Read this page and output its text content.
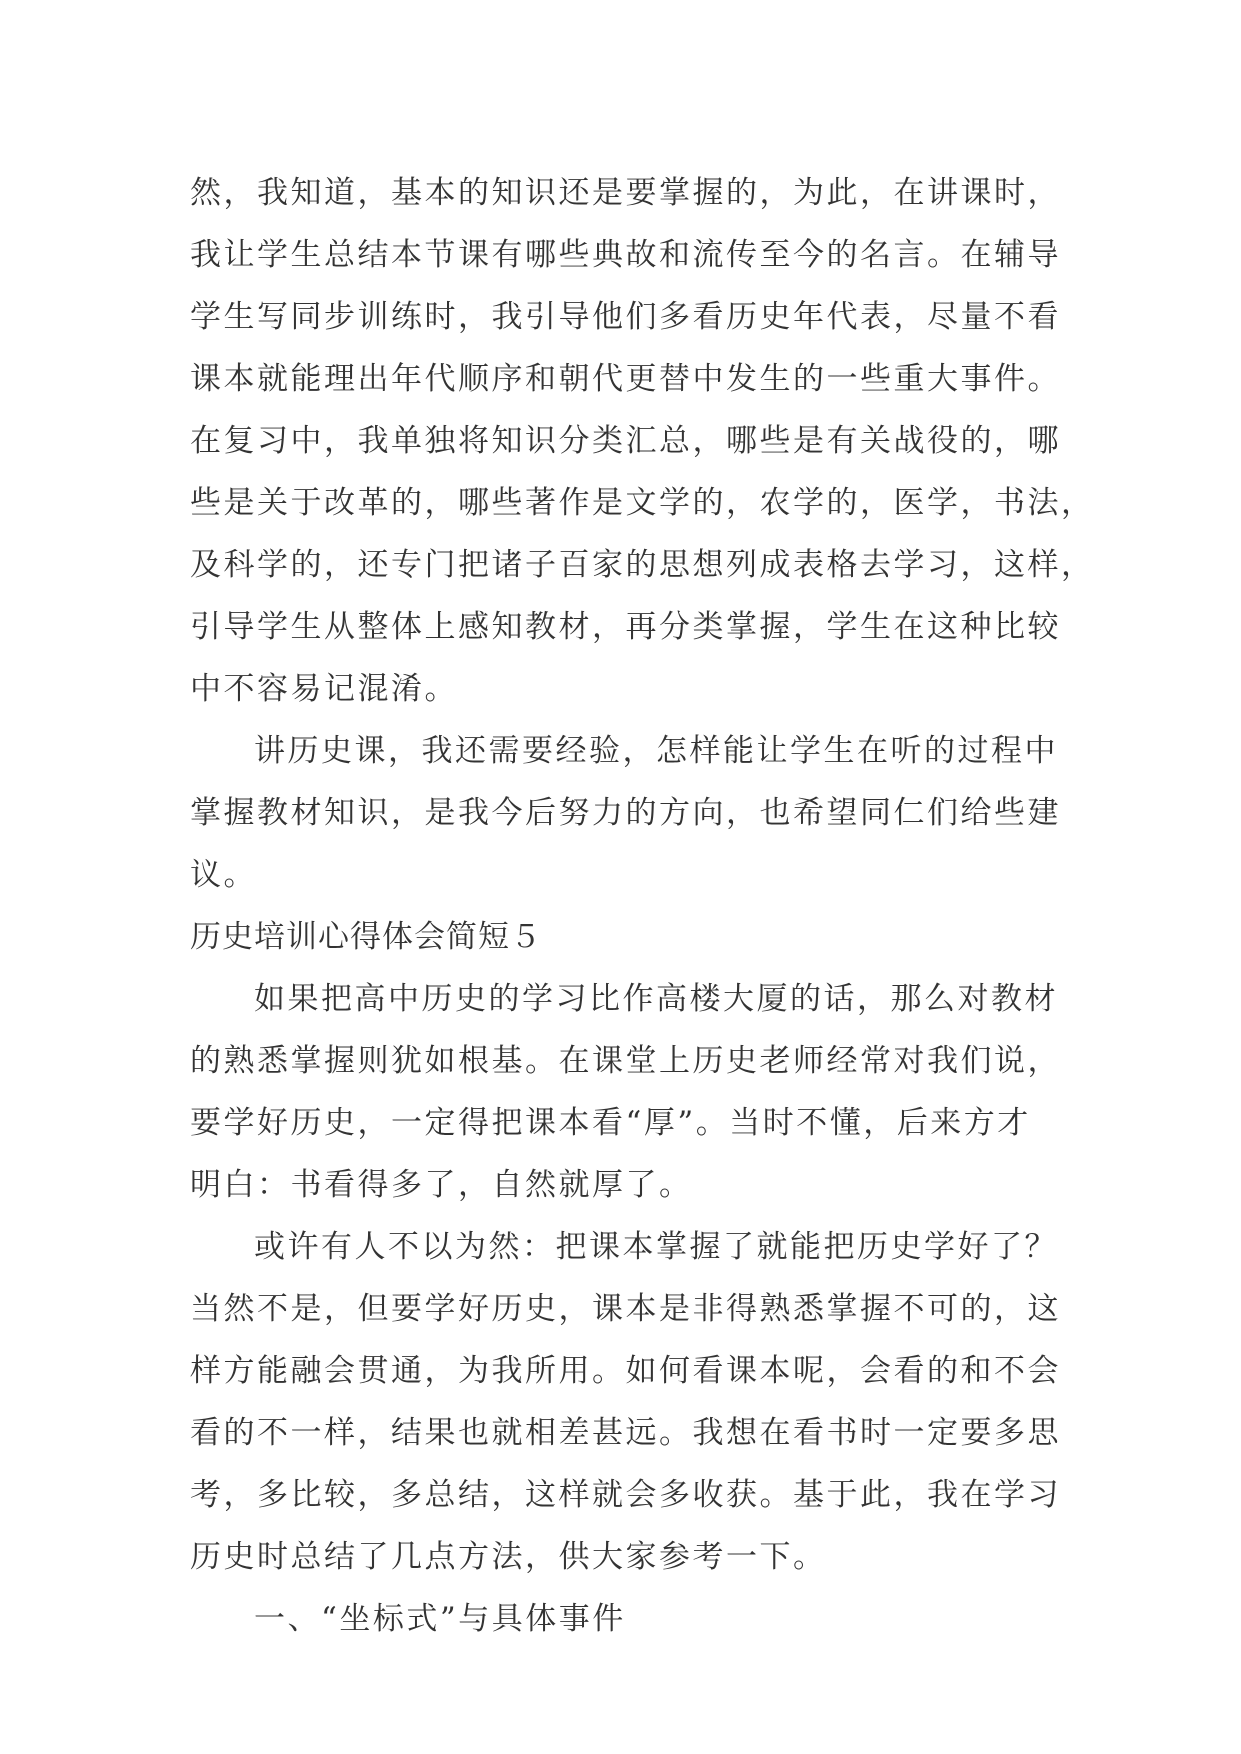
然，我知道，基本的知识还是要掌握的，为此，在讲课时，
我让学生总结本节课有哪些典故和流传至今的名言。在辅导
学生写同步训练时，我引导他们多看历史年代表，尽量不看
课本就能理出年代顺序和朝代更替中发生的一些重大事件。
在复习中，我单独将知识分类汇总，哪些是有关战役的，哪
些是关于改革的，哪些著作是文学的，农学的，医学，书法，
及科学的，还专门把诸子百家的思想列成表格去学习，这样，
引导学生从整体上感知教材，再分类掌握，学生在这种比较
中不容易记混淆。
讲历史课，我还需要经验，怎样能让学生在听的过程中
掌握教材知识，是我今后努力的方向，也希望同仁们给些建
议。
历史培训心得体会简短５
如果把高中历史的学习比作高楼大厦的话，那么对教材
的熟悉掌握则犹如根基。在课堂上历史老师经常对我们说，
要学好历史，一定得把课本看“厚”。当时不懂，后来方才
明白：书看得多了，自然就厚了。
或许有人不以为然：把课本掌握了就能把历史学好了？
当然不是，但要学好历史，课本是非得熟悉掌握不可的，这
样方能融会贯通，为我所用。如何看课本呢，会看的和不会
看的不一样，结果也就相差甚远。我想在看书时一定要多思
考，多比较，多总结，这样就会多收获。基于此，我在学习
历史时总结了几点方法，供大家参考一下。
一、“坐标式”与具体事件
